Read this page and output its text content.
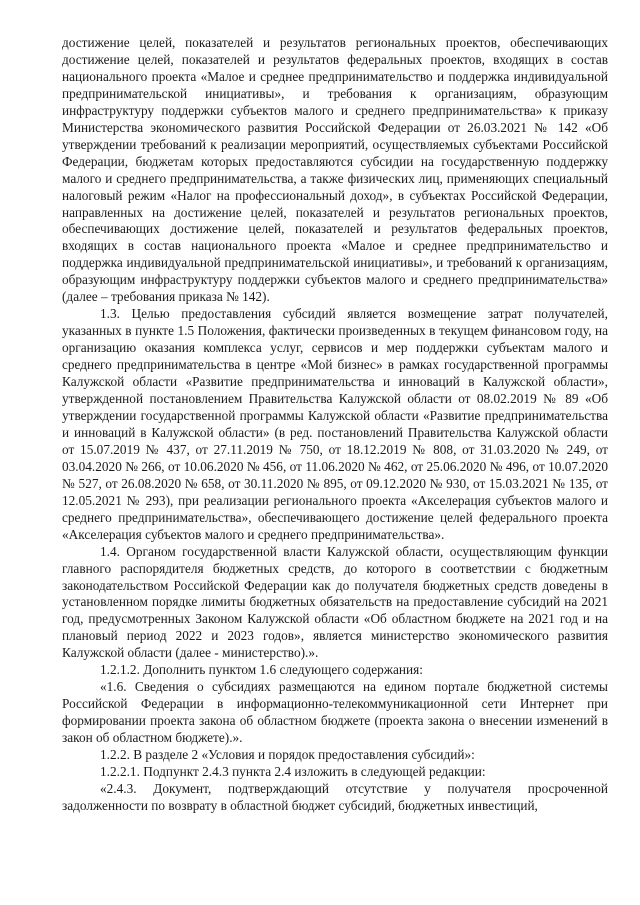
достижение целей, показателей и результатов региональных проектов, обеспечивающих достижение целей, показателей и результатов федеральных проектов, входящих в состав национального проекта «Малое и среднее предпринимательство и поддержка индивидуальной предпринимательской инициативы», и требования к организациям, образующим инфраструктуру поддержки субъектов малого и среднего предпринимательства» к приказу Министерства экономического развития Российской Федерации от 26.03.2021 № 142 «Об утверждении требований к реализации мероприятий, осуществляемых субъектами Российской Федерации, бюджетам которых предоставляются субсидии на государственную поддержку малого и среднего предпринимательства, а также физических лиц, применяющих специальный налоговый режим «Налог на профессиональный доход», в субъектах Российской Федерации, направленных на достижение целей, показателей и результатов региональных проектов, обеспечивающих достижение целей, показателей и результатов федеральных проектов, входящих в состав национального проекта «Малое и среднее предпринимательство и поддержка индивидуальной предпринимательской инициативы», и требований к организациям, образующим инфраструктуру поддержки субъектов малого и среднего предпринимательства» (далее – требования приказа № 142).

1.3. Целью предоставления субсидий является возмещение затрат получателей, указанных в пункте 1.5 Положения, фактически произведенных в текущем финансовом году, на организацию оказания комплекса услуг, сервисов и мер поддержки субъектам малого и среднего предпринимательства в центре «Мой бизнес» в рамках государственной программы Калужской области «Развитие предпринимательства и инноваций в Калужской области», утвержденной постановлением Правительства Калужской области от 08.02.2019 № 89 «Об утверждении государственной программы Калужской области «Развитие предпринимательства и инноваций в Калужской области» (в ред. постановлений Правительства Калужской области от 15.07.2019 № 437, от 27.11.2019 № 750, от 18.12.2019 № 808, от 31.03.2020 № 249, от 03.04.2020 № 266, от 10.06.2020 № 456, от 11.06.2020 № 462, от 25.06.2020 № 496, от 10.07.2020 № 527, от 26.08.2020 № 658, от 30.11.2020 № 895, от 09.12.2020 № 930, от 15.03.2021 № 135, от 12.05.2021 № 293), при реализации регионального проекта «Акселерация субъектов малого и среднего предпринимательства», обеспечивающего достижение целей федерального проекта «Акселерация субъектов малого и среднего предпринимательства».

1.4. Органом государственной власти Калужской области, осуществляющим функции главного распорядителя бюджетных средств, до которого в соответствии с бюджетным законодательством Российской Федерации как до получателя бюджетных средств доведены в установленном порядке лимиты бюджетных обязательств на предоставление субсидий на 2021 год, предусмотренных Законом Калужской области «Об областном бюджете на 2021 год и на плановый период 2022 и 2023 годов», является министерство экономического развития Калужской области (далее - министерство).».

1.2.1.2. Дополнить пунктом 1.6 следующего содержания:

«1.6. Сведения о субсидиях размещаются на едином портале бюджетной системы Российской Федерации в информационно-телекоммуникационной сети Интернет при формировании проекта закона об областном бюджете (проекта закона о внесении изменений в закон об областном бюджете).».

1.2.2. В разделе 2 «Условия и порядок предоставления субсидий»:

1.2.2.1. Подпункт 2.4.3 пункта 2.4 изложить в следующей редакции:

«2.4.3. Документ, подтверждающий отсутствие у получателя просроченной задолженности по возврату в областной бюджет субсидий, бюджетных инвестиций,
